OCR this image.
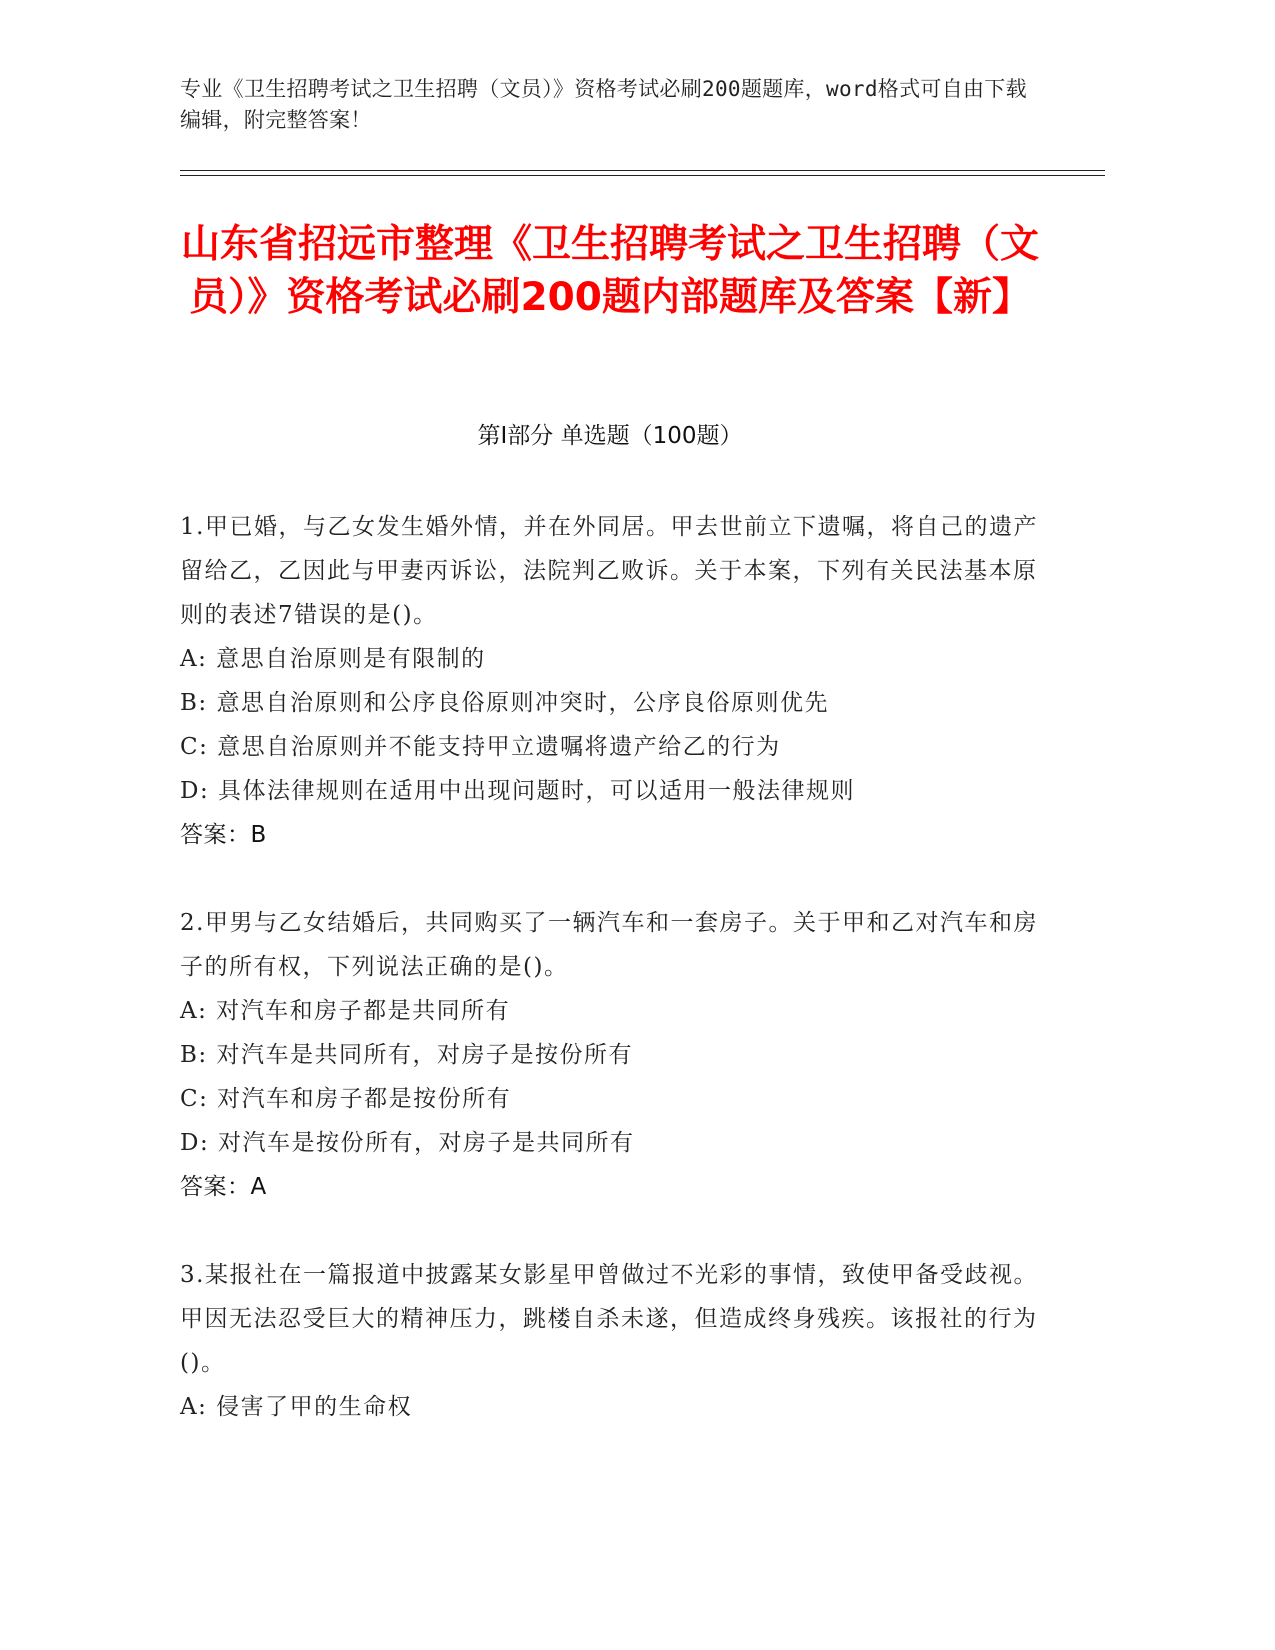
专业《卫生招聘考试之卫生招聘（文员）》资格考试必刷200题题库，word格式可自由下载编辑，附完整答案！
山东省招远市整理《卫生招聘考试之卫生招聘（文员）》资格考试必刷200题内部题库及答案【新】
第Ⅰ部分 单选题（100题）

1.甲已婚，与乙女发生婚外情，并在外同居。甲去世前立下遗嘱，将自己的遗产留给乙，乙因此与甲妻丙诉讼，法院判乙败诉。关于本案，下列有关民法基本原则的表述7错误的是()。

A: 意思自治原则是有限制的

B: 意思自治原则和公序良俗原则冲突时，公序良俗原则优先

C: 意思自治原则并不能支持甲立遗嘱将遗产给乙的行为

D: 具体法律规则在适用中出现问题时，可以适用一般法律规则

答案：B

2.甲男与乙女结婚后，共同购买了一辆汽车和一套房子。关于甲和乙对汽车和房子的所有权，下列说法正确的是()。

A: 对汽车和房子都是共同所有

B: 对汽车是共同所有，对房子是按份所有

C: 对汽车和房子都是按份所有

D: 对汽车是按份所有，对房子是共同所有

答案：A

3.某报社在一篇报道中披露某女影星甲曾做过不光彩的事情，致使甲备受歧视。甲因无法忍受巨大的精神压力，跳楼自杀未遂，但造成终身残疾。该报社的行为()。

A: 侵害了甲的生命权
